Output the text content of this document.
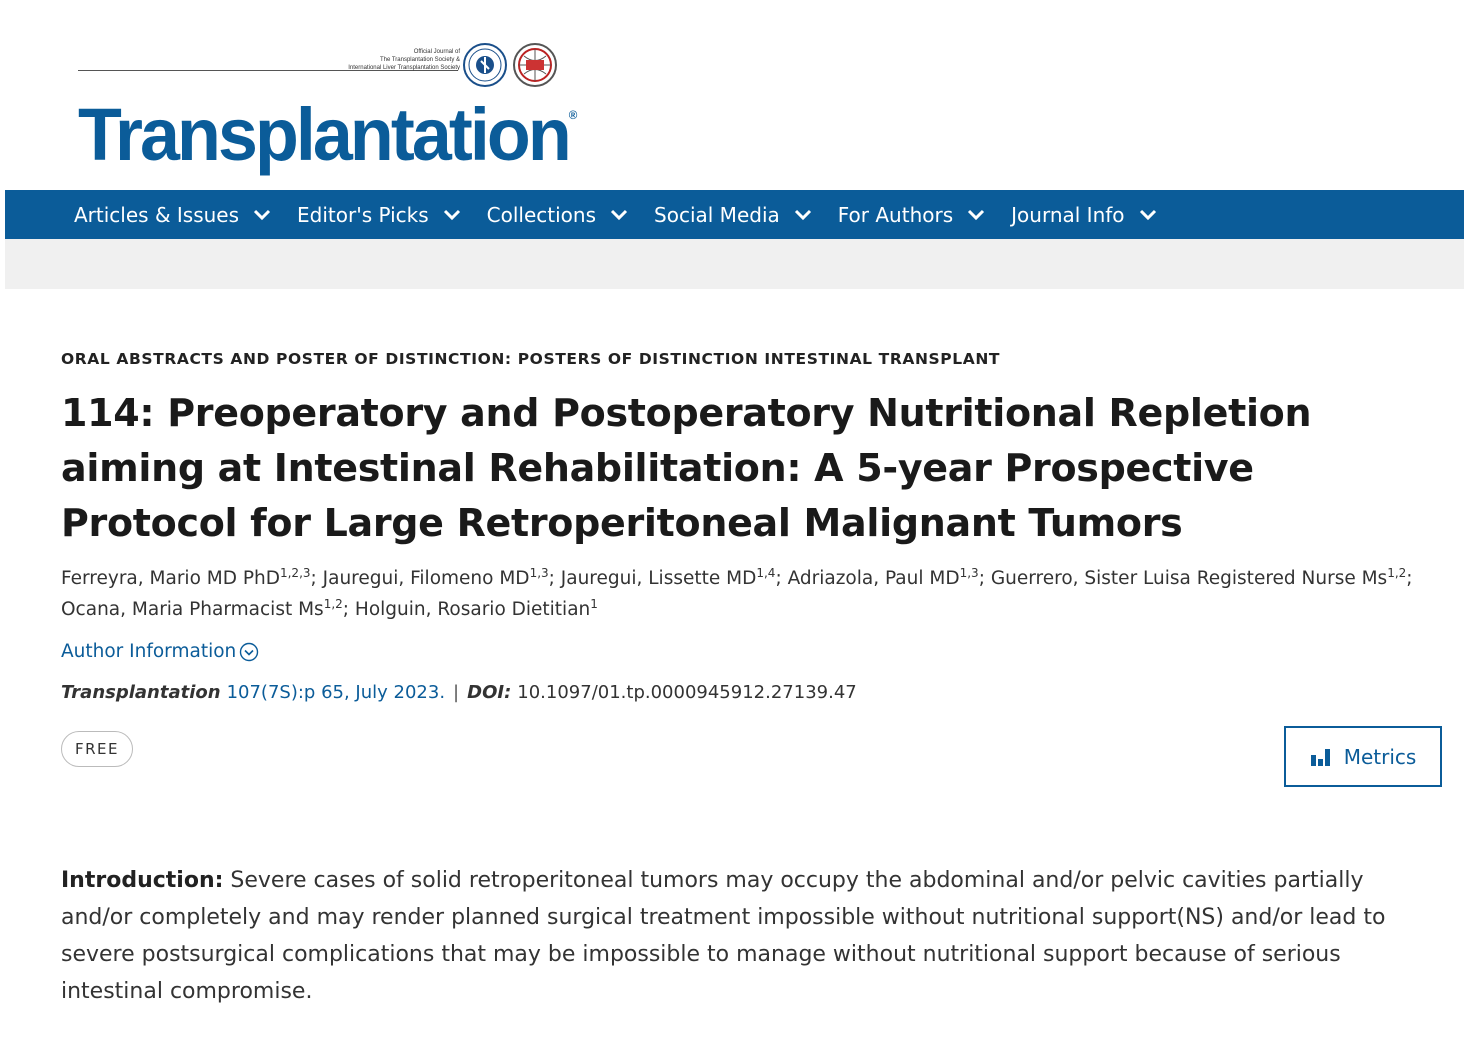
Official Journal of
The Transplantation Society &
International Liver Transplantation Society
Transplantation®
Articles & Issues	Editor's Picks	Collections	Social Media	For Authors	Journal Info
ORAL ABSTRACTS AND POSTER OF DISTINCTION: POSTERS OF DISTINCTION INTESTINAL TRANSPLANT
114: Preoperatory and Postoperatory Nutritional Repletion aiming at Intestinal Rehabilitation: A 5-year Prospective Protocol for Large Retroperitoneal Malignant Tumors
Ferreyra, Mario MD PhD$^{1,2,3}$; Jauregui, Filomeno MD$^{1,3}$; Jauregui, Lissette MD$^{1,4}$; Adriazola, Paul MD$^{1,3}$; Guerrero, Sister Luisa Registered Nurse Ms$^{1,2}$; Ocana, Maria Pharmacist Ms$^{1,2}$; Holguin, Rosario Dietitian$^1$
Author Information
Transplantation 107(7S):p 65, July 2023. | DOI: 10.1097/01.tp.0000945912.27139.47
FREE	Metrics
Introduction: Severe cases of solid retroperitoneal tumors may occupy the abdominal and/or pelvic cavities partially and/or completely and may render planned surgical treatment impossible without nutritional support(NS) and/or lead to severe postsurgical complications that may be impossible to manage without nutritional support because of serious intestinal compromise.
